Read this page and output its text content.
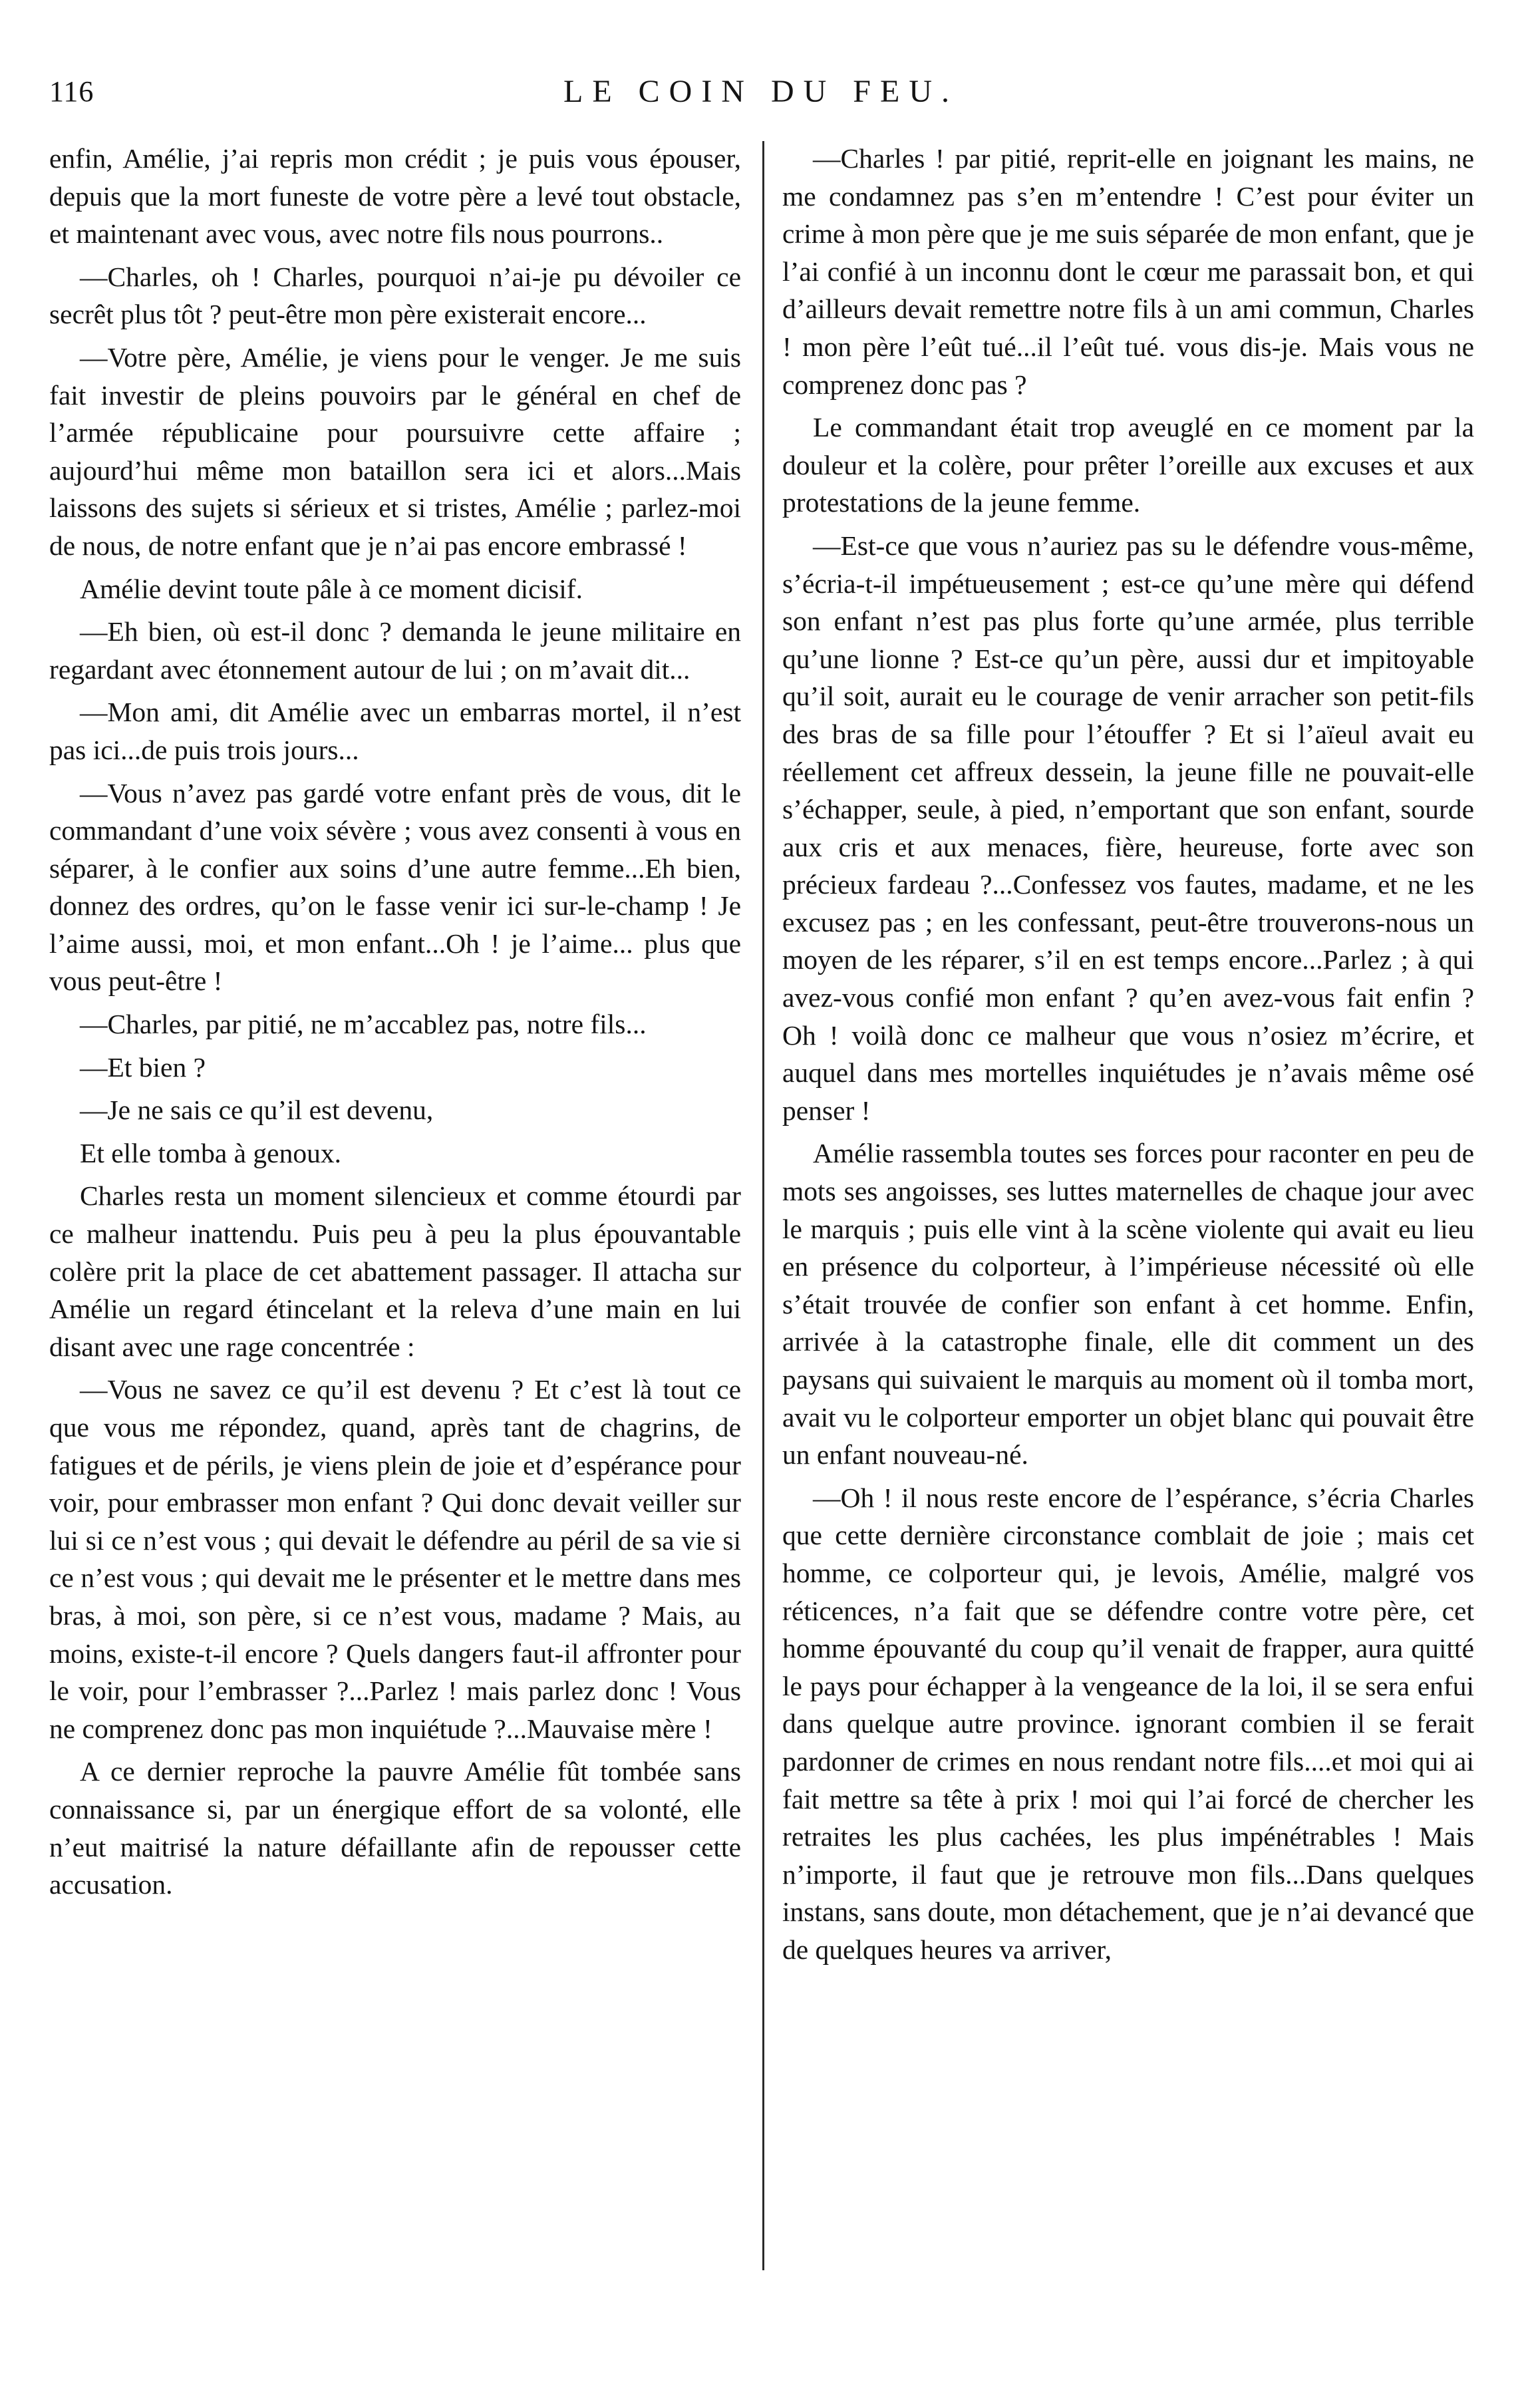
116	LE COIN DU FEU.

enfin, Amélie, j’ai repris mon crédit ; je puis vous épouser, depuis que la mort funeste de votre père a levé tout obstacle, et maintenant avec vous, avec notre fils nous pourrons..

—Charles, oh ! Charles, pourquoi n’ai-je pu dévoiler ce secrêt plus tôt ? peut-être mon père existerait encore...

—Votre père, Amélie, je viens pour le venger. Je me suis fait investir de pleins pouvoirs par le général en chef de l’armée républicaine pour poursuivre cette affaire ; aujourd’hui même mon bataillon sera ici et alors...Mais laissons des sujets si sérieux et si tristes, Amélie ; parlez-moi de nous, de notre enfant que je n’ai pas encore embrassé !

Amélie devint toute pâle à ce moment dicisif.

—Eh bien, où est-il donc ? demanda le jeune militaire en regardant avec étonnement autour de lui ; on m’avait dit...

—Mon ami, dit Amélie avec un embarras mortel, il n’est pas ici...de puis trois jours...

—Vous n’avez pas gardé votre enfant près de vous, dit le commandant d’une voix sévère ; vous avez consenti à vous en séparer, à le confier aux soins d’une autre femme...Eh bien, donnez des ordres, qu’on le fasse venir ici sur-le-champ ! Je l’aime aussi, moi, et mon enfant...Oh ! je l’aime... plus que vous peut-être !

—Charles, par pitié, ne m’accablez pas, notre fils...

—Et bien ?

—Je ne sais ce qu’il est devenu,

Et elle tomba à genoux.

Charles resta un moment silencieux et comme étourdi par ce malheur inattendu. Puis peu à peu la plus épouvantable colère prit la place de cet abattement passager. Il attacha sur Amélie un regard étincelant et la releva d’une main en lui disant avec une rage concentrée :

—Vous ne savez ce qu’il est devenu ? Et c’est là tout ce que vous me répondez, quand, après tant de chagrins, de fatigues et de périls, je viens plein de joie et d’espérance pour voir, pour embrasser mon enfant ? Qui donc devait veiller sur lui si ce n’est vous ; qui devait le défendre au péril de sa vie si ce n’est vous ; qui devait me le présenter et le mettre dans mes bras, à moi, son père, si ce n’est vous, madame ? Mais, au moins, existe-t-il encore ? Quels dangers faut-il affronter pour le voir, pour l’embrasser ?...Parlez ! mais parlez donc ! Vous ne comprenez donc pas mon inquiétude ?...Mauvaise mère !

A ce dernier reproche la pauvre Amélie fût tombée sans connaissance si, par un énergique effort de sa volonté, elle n’eut maitrisé la nature défaillante afin de repousser cette accusation.

—Charles ! par pitié, reprit-elle en joignant les mains, ne me condamnez pas s’en m’entendre ! C’est pour éviter un crime à mon père que je me suis séparée de mon enfant, que je l’ai confié à un inconnu dont le cœur me parassait bon, et qui d’ailleurs devait remettre notre fils à un ami commun, Charles ! mon père l’eût tué...il l’eût tué. vous dis-je. Mais vous ne comprenez donc pas ?

Le commandant était trop aveuglé en ce moment par la douleur et la colère, pour prêter l’oreille aux excuses et aux protestations de la jeune femme.

—Est-ce que vous n’auriez pas su le défendre vous-même, s’écria-t-il impétueusement ; est-ce qu’une mère qui défend son enfant n’est pas plus forte qu’une armée, plus terrible qu’une lionne ? Est-ce qu’un père, aussi dur et impitoyable qu’il soit, aurait eu le courage de venir arracher son petit-fils des bras de sa fille pour l’étouffer ? Et si l’aïeul avait eu réellement cet affreux dessein, la jeune fille ne pouvait-elle s’échapper, seule, à pied, n’emportant que son enfant, sourde aux cris et aux menaces, fière, heureuse, forte avec son précieux fardeau ?...Confessez vos fautes, madame, et ne les excusez pas ; en les confessant, peut-être trouverons-nous un moyen de les réparer, s’il en est temps encore...Parlez ; à qui avez-vous confié mon enfant ? qu’en avez-vous fait enfin ? Oh ! voilà donc ce malheur que vous n’osiez m’écrire, et auquel dans mes mortelles inquiétudes je n’avais même osé penser !

Amélie rassembla toutes ses forces pour raconter en peu de mots ses angoisses, ses luttes maternelles de chaque jour avec le marquis ; puis elle vint à la scène violente qui avait eu lieu en présence du colporteur, à l’impérieuse nécessité où elle s’était trouvée de confier son enfant à cet homme. Enfin, arrivée à la catastrophe finale, elle dit comment un des paysans qui suivaient le marquis au moment où il tomba mort, avait vu le colporteur emporter un objet blanc qui pouvait être un enfant nouveau-né.

—Oh ! il nous reste encore de l’espérance, s’écria Charles que cette dernière circonstance comblait de joie ; mais cet homme, ce colporteur qui, je levois, Amélie, malgré vos réticences, n’a fait que se défendre contre votre père, cet homme épouvanté du coup qu’il venait de frapper, aura quitté le pays pour échapper à la vengeance de la loi, il se sera enfui dans quelque autre province. ignorant combien il se ferait pardonner de crimes en nous rendant notre fils....et moi qui ai fait mettre sa tête à prix ! moi qui l’ai forcé de chercher les retraites les plus cachées, les plus impénétrables ! Mais n’importe, il faut que je retrouve mon fils...Dans quelques instans, sans doute, mon détachement, que je n’ai devancé que de quelques heures va arriver,
